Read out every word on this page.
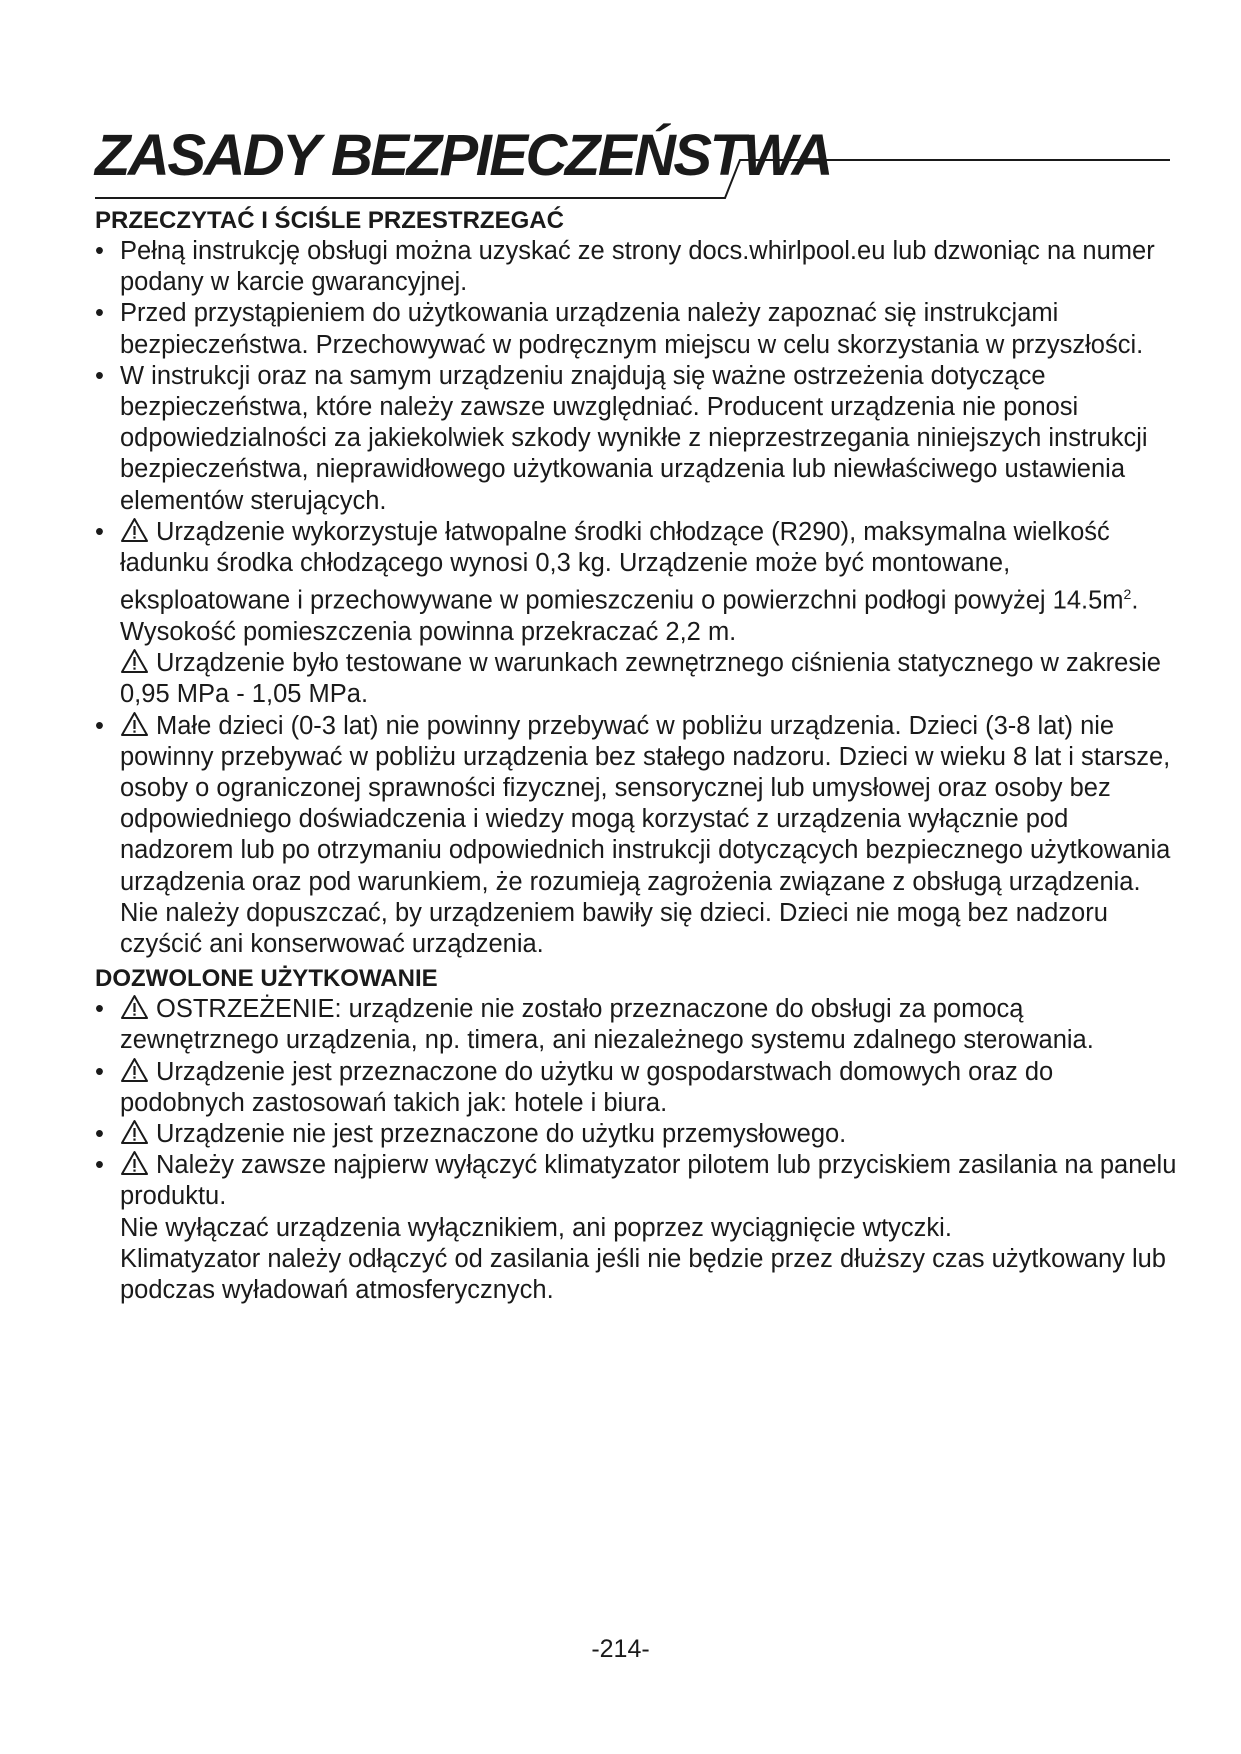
ZASADY BEZPIECZEŃSTWA
PRZECZYTAĆ I ŚCIŚLE PRZESTRZEGAĆ
• Pełną instrukcję obsługi można uzyskać ze strony docs.whirlpool.eu lub dzwoniąc na numer podany w karcie gwarancyjnej.
• Przed przystąpieniem do użytkowania urządzenia należy zapoznać się instrukcjami bezpieczeństwa. Przechowywać w podręcznym miejscu w celu skorzystania w przyszłości.
• W instrukcji oraz na samym urządzeniu znajdują się ważne ostrzeżenia dotyczące bezpieczeństwa, które należy zawsze uwzględniać. Producent urządzenia nie ponosi odpowiedzialności za jakiekolwiek szkody wynikłe z nieprzestrzegania niniejszych instrukcji bezpieczeństwa, nieprawidłowego użytkowania urządzenia lub niewłaściwego ustawienia elementów sterujących.
•	Urządzenie wykorzystuje łatwopalne środki chłodzące (R290), maksymalna wielkość ładunku środka chłodzącego wynosi 0,3 kg. Urządzenie może być montowane, eksploatowane i przechowywane w pomieszczeniu o powierzchni podłogi powyżej $14.5m^2$. Wysokość pomieszczenia powinna przekraczać 2,2 m.

Urządzenie było testowane w warunkach zewnętrznego ciśnienia statycznego w zakresie 0,95 MPa - 1,05 MPa.

•	Małe dzieci (0-3 lat) nie powinny przebywać w pobliżu urządzenia. Dzieci (3-8 lat) nie powinny przebywać w pobliżu urządzenia bez stałego nadzoru. Dzieci w wieku 8 lat i starsze, osoby o ograniczonej sprawności fizycznej, sensorycznej lub umysłowej oraz osoby bez odpowiedniego doświadczenia i wiedzy mogą korzystać z urządzenia wyłącznie pod nadzorem lub po otrzymaniu odpowiednich instrukcji dotyczących bezpiecznego użytkowania urządzenia oraz pod warunkiem, że rozumieją zagrożenia związane z obsługą urządzenia. Nie należy dopuszczać, by urządzeniem bawiły się dzieci. Dzieci nie mogą bez nadzoru czyścić ani konserwować urządzenia.
DOZWOLONE UŻYTKOWANIE
•	OSTRZEŻENIE: urządzenie nie zostało przeznaczone do obsługi za pomocą zewnętrznego urządzenia, np. timera, ani niezależnego systemu zdalnego sterowania.
•	Urządzenie jest przeznaczone do użytku w gospodarstwach domowych oraz do podobnych zastosowań takich jak: hotele i biura.
•	Urządzenie nie jest przeznaczone do użytku przemysłowego.
•	Należy zawsze najpierw wyłączyć klimatyzator pilotem lub przyciskiem zasilania na panelu produktu.

Nie wyłączać urządzenia wyłącznikiem, ani poprzez wyciągnięcie wtyczki.

Klimatyzator należy odłączyć od zasilania jeśli nie będzie przez dłuższy czas użytkowany lub podczas wyładowań atmosferycznych.

-214-
